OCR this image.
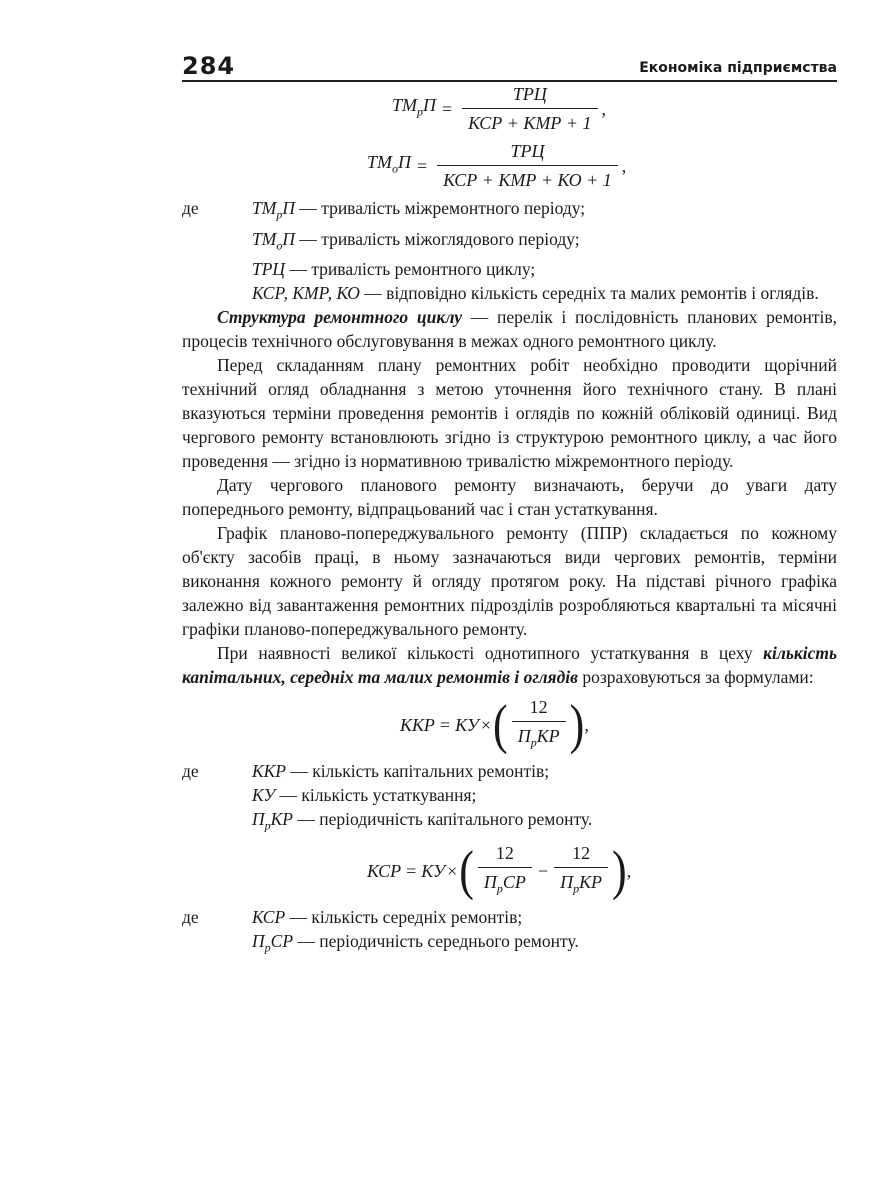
284	Економіка підприємства
$ТМ_рП = \frac{\text{ТРЦ}}{\text{КСР + КМР + 1}}$ ,
$ТМ_оП = \frac{\text{ТРЦ}}{\text{КСР + КМР + КО + 1}}$ ,
де	$ТМ_рП$ — тривалість міжремонтного періоду;
$ТМ_оП$ — тривалість міжоглядового періоду;
ТРЦ — тривалість ремонтного циклу;
КСР, КМР, КО — відповідно кількість середніх та малих ремонтів і оглядів.

Структура ремонтного циклу — перелік і послідовність планових ремонтів, процесів технічного обслуговування в межах одного ремонтного циклу.

Перед складанням плану ремонтних робіт необхідно проводити щорічний технічний огляд обладнання з метою уточнення його технічного стану. В плані вказуються терміни проведення ремонтів і оглядів по кожній обліковій одиниці. Вид чергового ремонту встановлюють згідно із структурою ремонтного циклу, а час його проведення — згідно із нормативною тривалістю міжремонтного періоду.

Дату чергового планового ремонту визначають, беручи до уваги дату попереднього ремонту, відпрацьований час і стан устаткування.

Графік планово-попереджувального ремонту (ППР) складається по кожному об'єкту засобів праці, в ньому зазначаються види чергових ремонтів, терміни виконання кожного ремонту й огляду протягом року. На підставі річного графіка залежно від завантаження ремонтних підрозділів розробляються квартальні та місячні графіки планово-попереджувального ремонту.

При наявності великої кількості однотипного устаткування в цеху кількість капітальних, середніх та малих ремонтів і оглядів розраховуються за формулами:

ККР = КУ × ( $\frac{12}{П_рКР}$ ) ,
де	ККР — кількість капітальних ремонтів;
КУ — кількість устаткування;
$П_рКР$ — періодичність капітального ремонту.
КСР = КУ × ( $\frac{12}{П_рСР} - \frac{12}{П_рКР}$ ) ,
де	КСР — кількість середніх ремонтів;
$П_рСР$ — періодичність середнього ремонту.
